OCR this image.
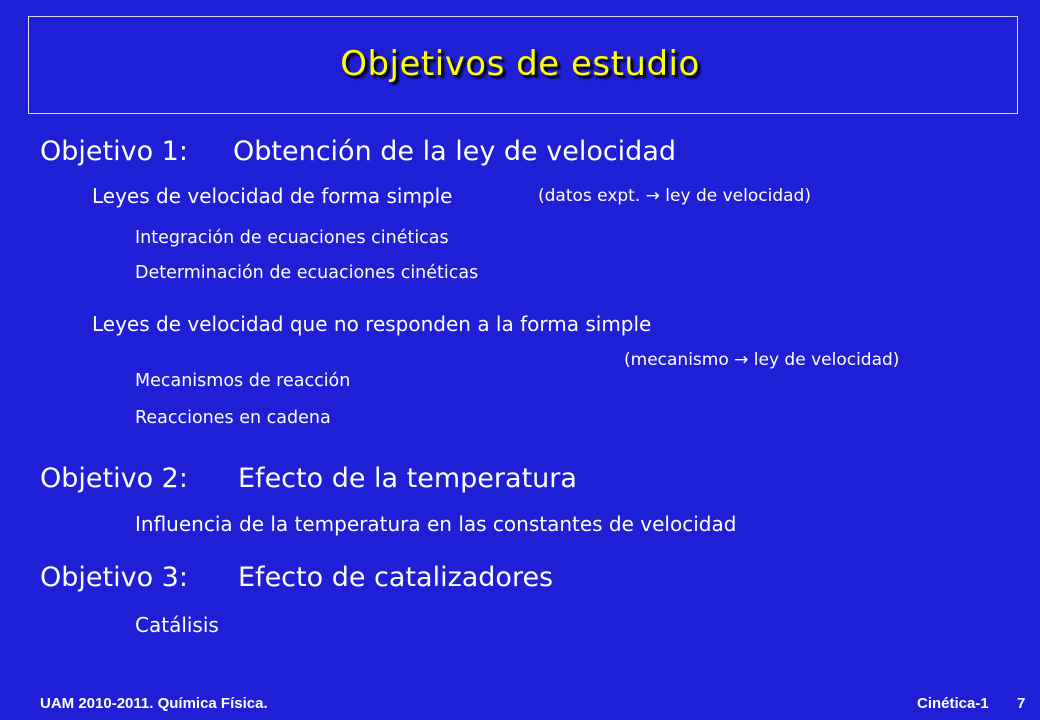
Objetivos de estudio
Objetivo 1: Obtención de la ley de velocidad
Leyes de velocidad de forma simple	(datos expt. → ley de velocidad)
Integración de ecuaciones cinéticas
Determinación de ecuaciones cinéticas
Leyes de velocidad que no responden a la forma simple
(mecanismo → ley de velocidad)
Mecanismos de reacción
Reacciones en cadena
Objetivo 2: Efecto de la temperatura
Influencia de la temperatura en las constantes de velocidad
Objetivo 3: Efecto de catalizadores
Catálisis
UAM 2010-2011. Química Física.	Cinética-1 7
